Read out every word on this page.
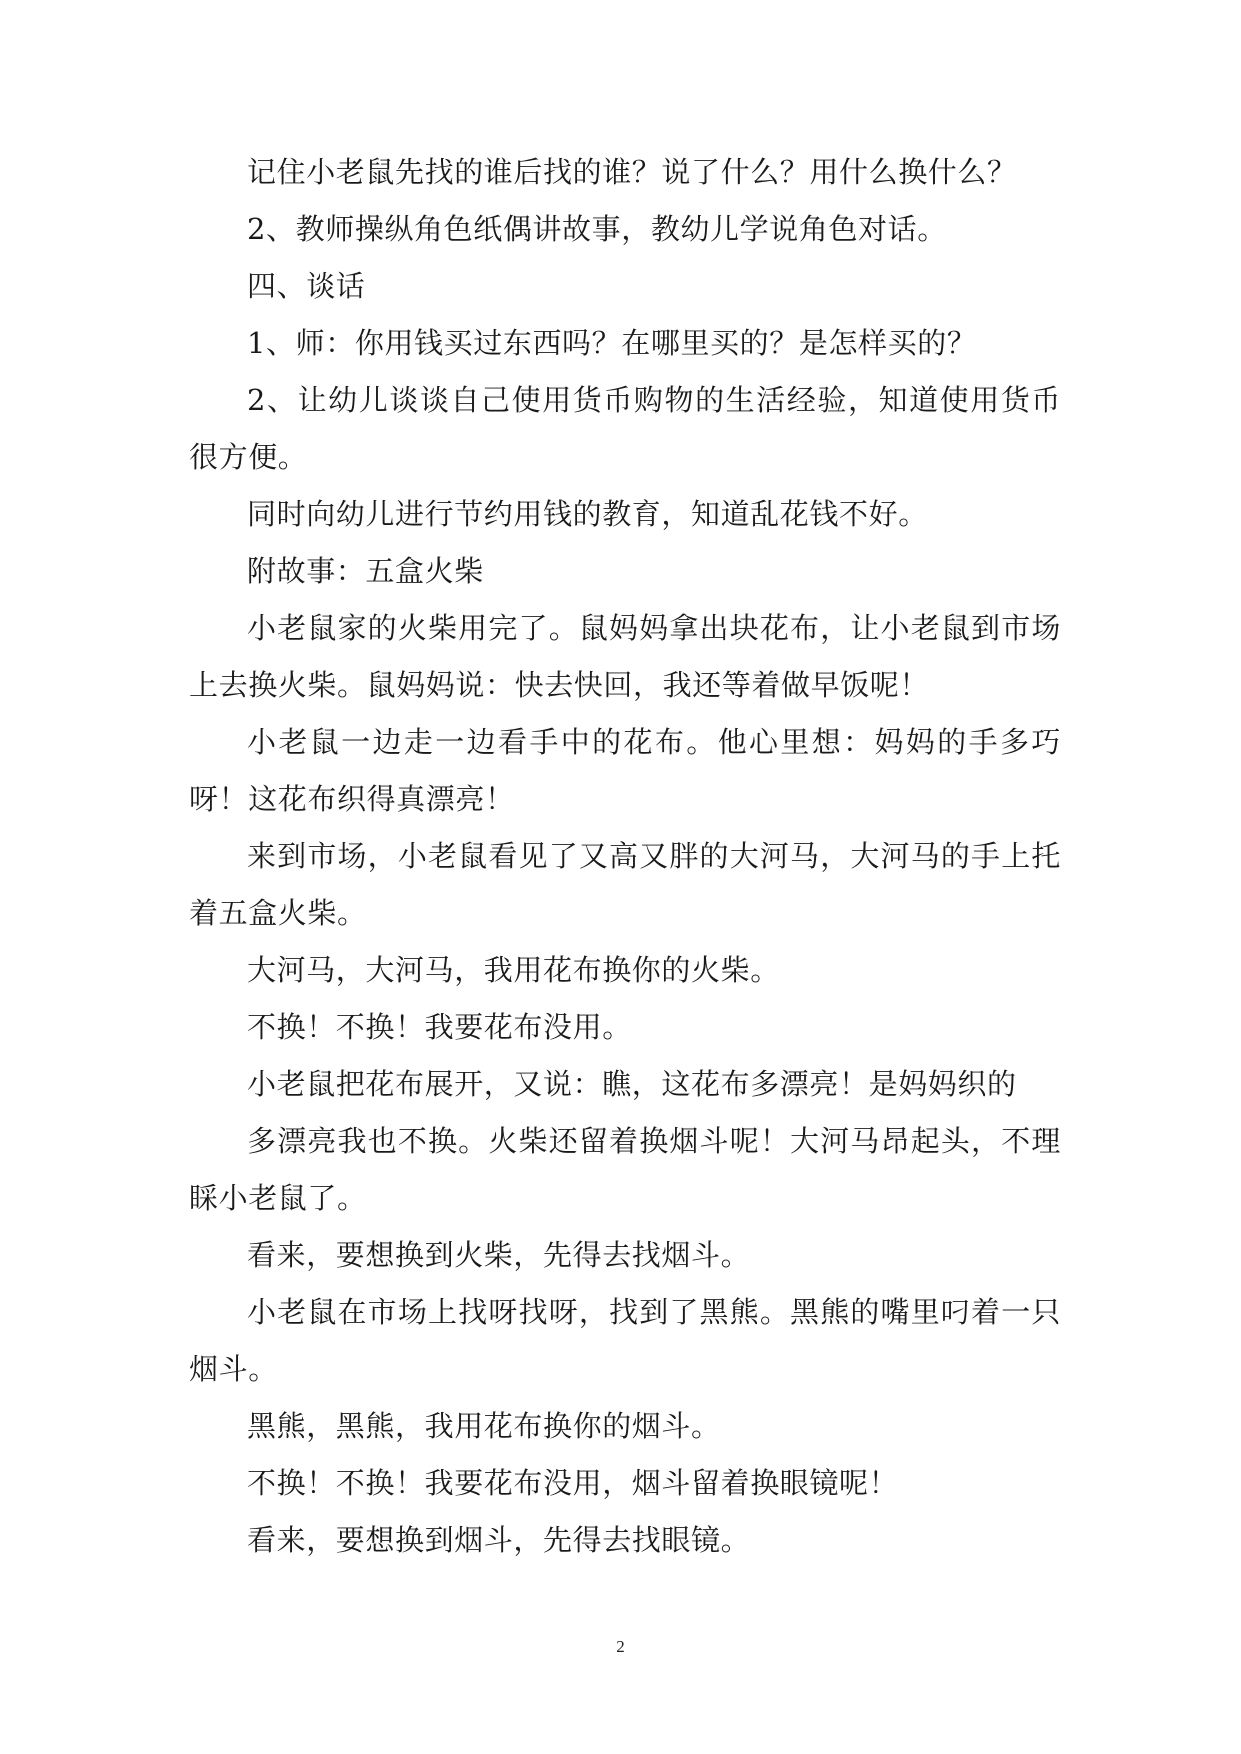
记住小老鼠先找的谁后找的谁？说了什么？用什么换什么？

2、教师操纵角色纸偶讲故事，教幼儿学说角色对话。

四、谈话

1、师：你用钱买过东西吗？在哪里买的？是怎样买的？

2、让幼儿谈谈自己使用货币购物的生活经验，知道使用货币很方便。

同时向幼儿进行节约用钱的教育，知道乱花钱不好。

附故事：五盒火柴

小老鼠家的火柴用完了。鼠妈妈拿出块花布，让小老鼠到市场上去换火柴。鼠妈妈说：快去快回，我还等着做早饭呢！

小老鼠一边走一边看手中的花布。他心里想：妈妈的手多巧呀！这花布织得真漂亮！

来到市场，小老鼠看见了又高又胖的大河马，大河马的手上托着五盒火柴。

大河马，大河马，我用花布换你的火柴。

不换！不换！我要花布没用。

小老鼠把花布展开，又说：瞧，这花布多漂亮！是妈妈织的

多漂亮我也不换。火柴还留着换烟斗呢！大河马昂起头，不理睬小老鼠了。

看来，要想换到火柴，先得去找烟斗。

小老鼠在市场上找呀找呀，找到了黑熊。黑熊的嘴里叼着一只烟斗。

黑熊，黑熊，我用花布换你的烟斗。

不换！不换！我要花布没用，烟斗留着换眼镜呢！

看来，要想换到烟斗，先得去找眼镜。

2
